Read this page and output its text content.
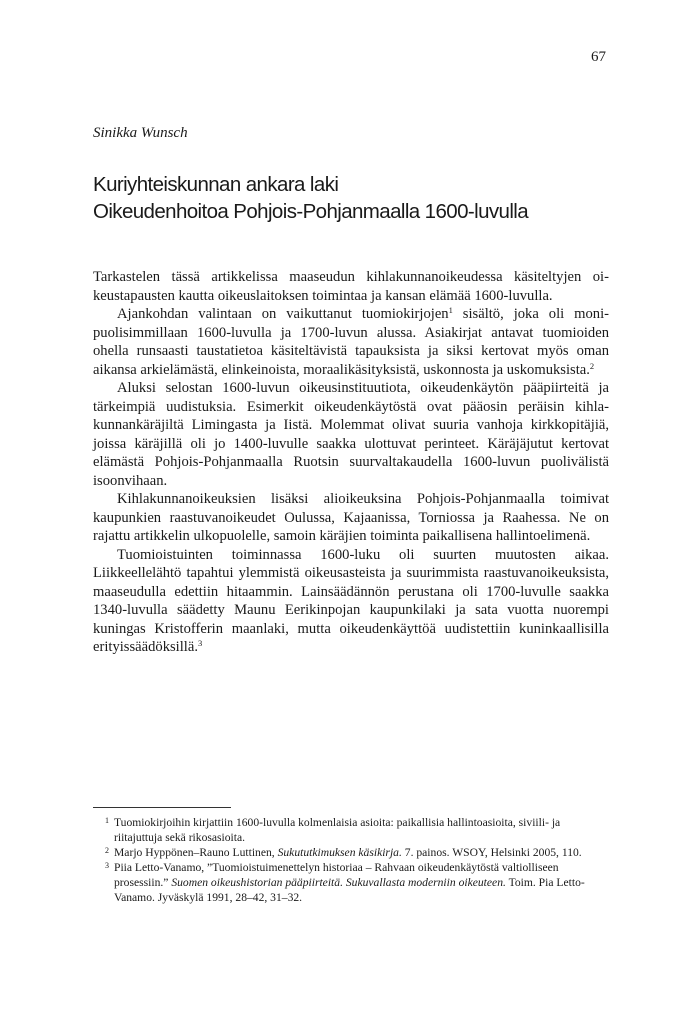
67
Sinikka Wunsch
Kuriyhteiskunnan ankara laki
Oikeudenhoitoa Pohjois-Pohjanmaalla 1600-luvulla

Tarkastelen tässä artikkelissa maaseudun kihlakunnanoikeudessa käsiteltyjen oikeustapausten kautta oikeuslaitoksen toimintaa ja kansan elämää 1600-luvulla.

Ajankohdan valintaan on vaikuttanut tuomiokirjojen$^1$ sisältö, joka oli monipuolisimmillaan 1600-luvulla ja 1700-luvun alussa. Asiakirjat antavat tuomioiden ohella runsaasti taustatietoa käsiteltävistä tapauksista ja siksi kertovat myös oman aikansa arkielämästä, elinkeinoista, moraalikäsityksistä, uskonnosta ja uskomuksista.$^2$

Aluksi selostan 1600-luvun oikeusinstituutiota, oikeudenkäytön pääpiirteitä ja tärkeimpiä uudistuksia. Esimerkit oikeudenkäytöstä ovat pääosin peräisin kihlakunnankäräjiltä Limingasta ja Iistä. Molemmat olivat suuria vanhoja kirkkopitäjiä, joissa käräjillä oli jo 1400-luvulle saakka ulottuvat perinteet. Käräjäjutut kertovat elämästä Pohjois-Pohjanmaalla Ruotsin suurvaltakaudella 1600-luvun puolivälistä isoonvihaan.

Kihlakunnanoikeuksien lisäksi alioikeuksina Pohjois-Pohjanmaalla toimivat kaupunkien raastuvanoikeudet Oulussa, Kajaanissa, Torniossa ja Raahessa. Ne on rajattu artikkelin ulkopuolelle, samoin käräjien toiminta paikallisena hallintoelimenä.

Tuomioistuinten toiminnassa 1600-luku oli suurten muutosten aikaa. Liikkeellelähtö tapahtui ylemmistä oikeusasteista ja suurimmista raastuvanoikeuksista, maaseudulla edettiin hitaammin. Lainsäädännön perustana oli 1700-luvulle saakka 1340-luvulla säädetty Maunu Eerikinpojan kaupunkilaki ja sata vuotta nuorempi kuningas Kristofferin maanlaki, mutta oikeudenkäyttöä uudistettiin kuninkaallisilla erityissäädöksillä.$^3$

1 Tuomiokirjoihin kirjattiin 1600-luvulla kolmenlaisia asioita: paikallisia hallintoasioita, siviili- ja riitajuttuja sekä rikosasioita.
2 Marjo Hyppönen–Rauno Luttinen, Sukututkimuksen käsikirja. 7. painos. WSOY, Helsinki 2005, 110.
3 Piia Letto-Vanamo, ”Tuomioistuimenettelyn historiaa – Rahvaan oikeudenkäytöstä valtiolliseen prosessiin.” Suomen oikeushistorian pääpiirteitä. Sukuvallasta moderniin oikeuteen. Toim. Pia Letto-Vanamo. Jyväskylä 1991, 28–42, 31–32.
